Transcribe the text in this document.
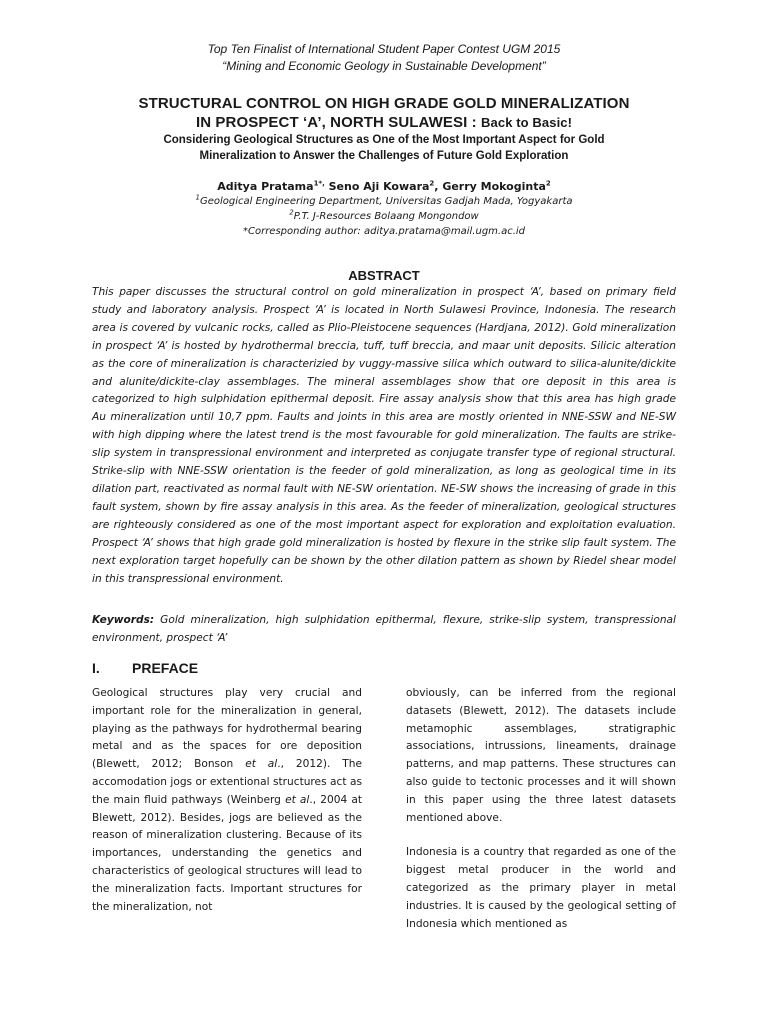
Top Ten Finalist of International Student Paper Contest UGM 2015
“Mining and Economic Geology in Sustainable Development”
STRUCTURAL CONTROL ON HIGH GRADE GOLD MINERALIZATION
IN PROSPECT ‘A’, NORTH SULAWESI : Back to Basic!
Considering Geological Structures as One of the Most Important Aspect for Gold
Mineralization to Answer the Challenges of Future Gold Exploration
Aditya Pratama$^{1*,}$ Seno Aji Kowara$^2$, Gerry Mokoginta$^2$
$^1$Geological Engineering Department, Universitas Gadjah Mada, Yogyakarta
$^2$P.T. J-Resources Bolaang Mongondow
*Corresponding author: aditya.pratama@mail.ugm.ac.id
ABSTRACT

This paper discusses the structural control on gold mineralization in prospect ‘A’, based on primary field study and laboratory analysis. Prospect ‘A’ is located in North Sulawesi Province, Indonesia. The research area is covered by vulcanic rocks, called as Plio-Pleistocene sequences (Hardjana, 2012). Gold mineralization in prospect ‘A’ is hosted by hydrothermal breccia, tuff, tuff breccia, and maar unit deposits. Silicic alteration as the core of mineralization is characterizied by vuggy-massive silica which outward to silica-alunite/dickite and alunite/dickite-clay assemblages. The mineral assemblages show that ore deposit in this area is categorized to high sulphidation epithermal deposit. Fire assay analysis show that this area has high grade Au mineralization until 10,7 ppm. Faults and joints in this area are mostly oriented in NNE-SSW and NE-SW with high dipping where the latest trend is the most favourable for gold mineralization. The faults are strike-slip system in transpressional environment and interpreted as conjugate transfer type of regional structural. Strike-slip with NNE-SSW orientation is the feeder of gold mineralization, as long as geological time in its dilation part, reactivated as normal fault with NE-SW orientation. NE-SW shows the increasing of grade in this fault system, shown by fire assay analysis in this area. As the feeder of mineralization, geological structures are righteously considered as one of the most important aspect for exploration and exploitation evaluation. Prospect ‘A’ shows that high grade gold mineralization is hosted by flexure in the strike slip fault system. The next exploration target hopefully can be shown by the other dilation pattern as shown by Riedel shear model in this transpressional environment.

Keywords: Gold mineralization, high sulphidation epithermal, flexure, strike-slip system, transpressional environment, prospect ‘A’

I. PREFACE

Geological structures play very crucial and important role for the mineralization in general, playing as the pathways for hydrothermal bearing metal and as the spaces for ore deposition (Blewett, 2012; Bonson et al., 2012). The accomodation jogs or extentional structures act as the main fluid pathways (Weinberg et al., 2004 at Blewett, 2012). Besides, jogs are believed as the reason of mineralization clustering. Because of its importances, understanding the genetics and characteristics of geological structures will lead to the mineralization facts. Important structures for the mineralization, not

obviously, can be inferred from the regional datasets (Blewett, 2012). The datasets include metamophic assemblages, stratigraphic associations, intrussions, lineaments, drainage patterns, and map patterns. These structures can also guide to tectonic processes and it will shown in this paper using the three latest datasets mentioned above.

Indonesia is a country that regarded as one of the biggest metal producer in the world and categorized as the primary player in metal industries. It is caused by the geological setting of Indonesia which mentioned as
